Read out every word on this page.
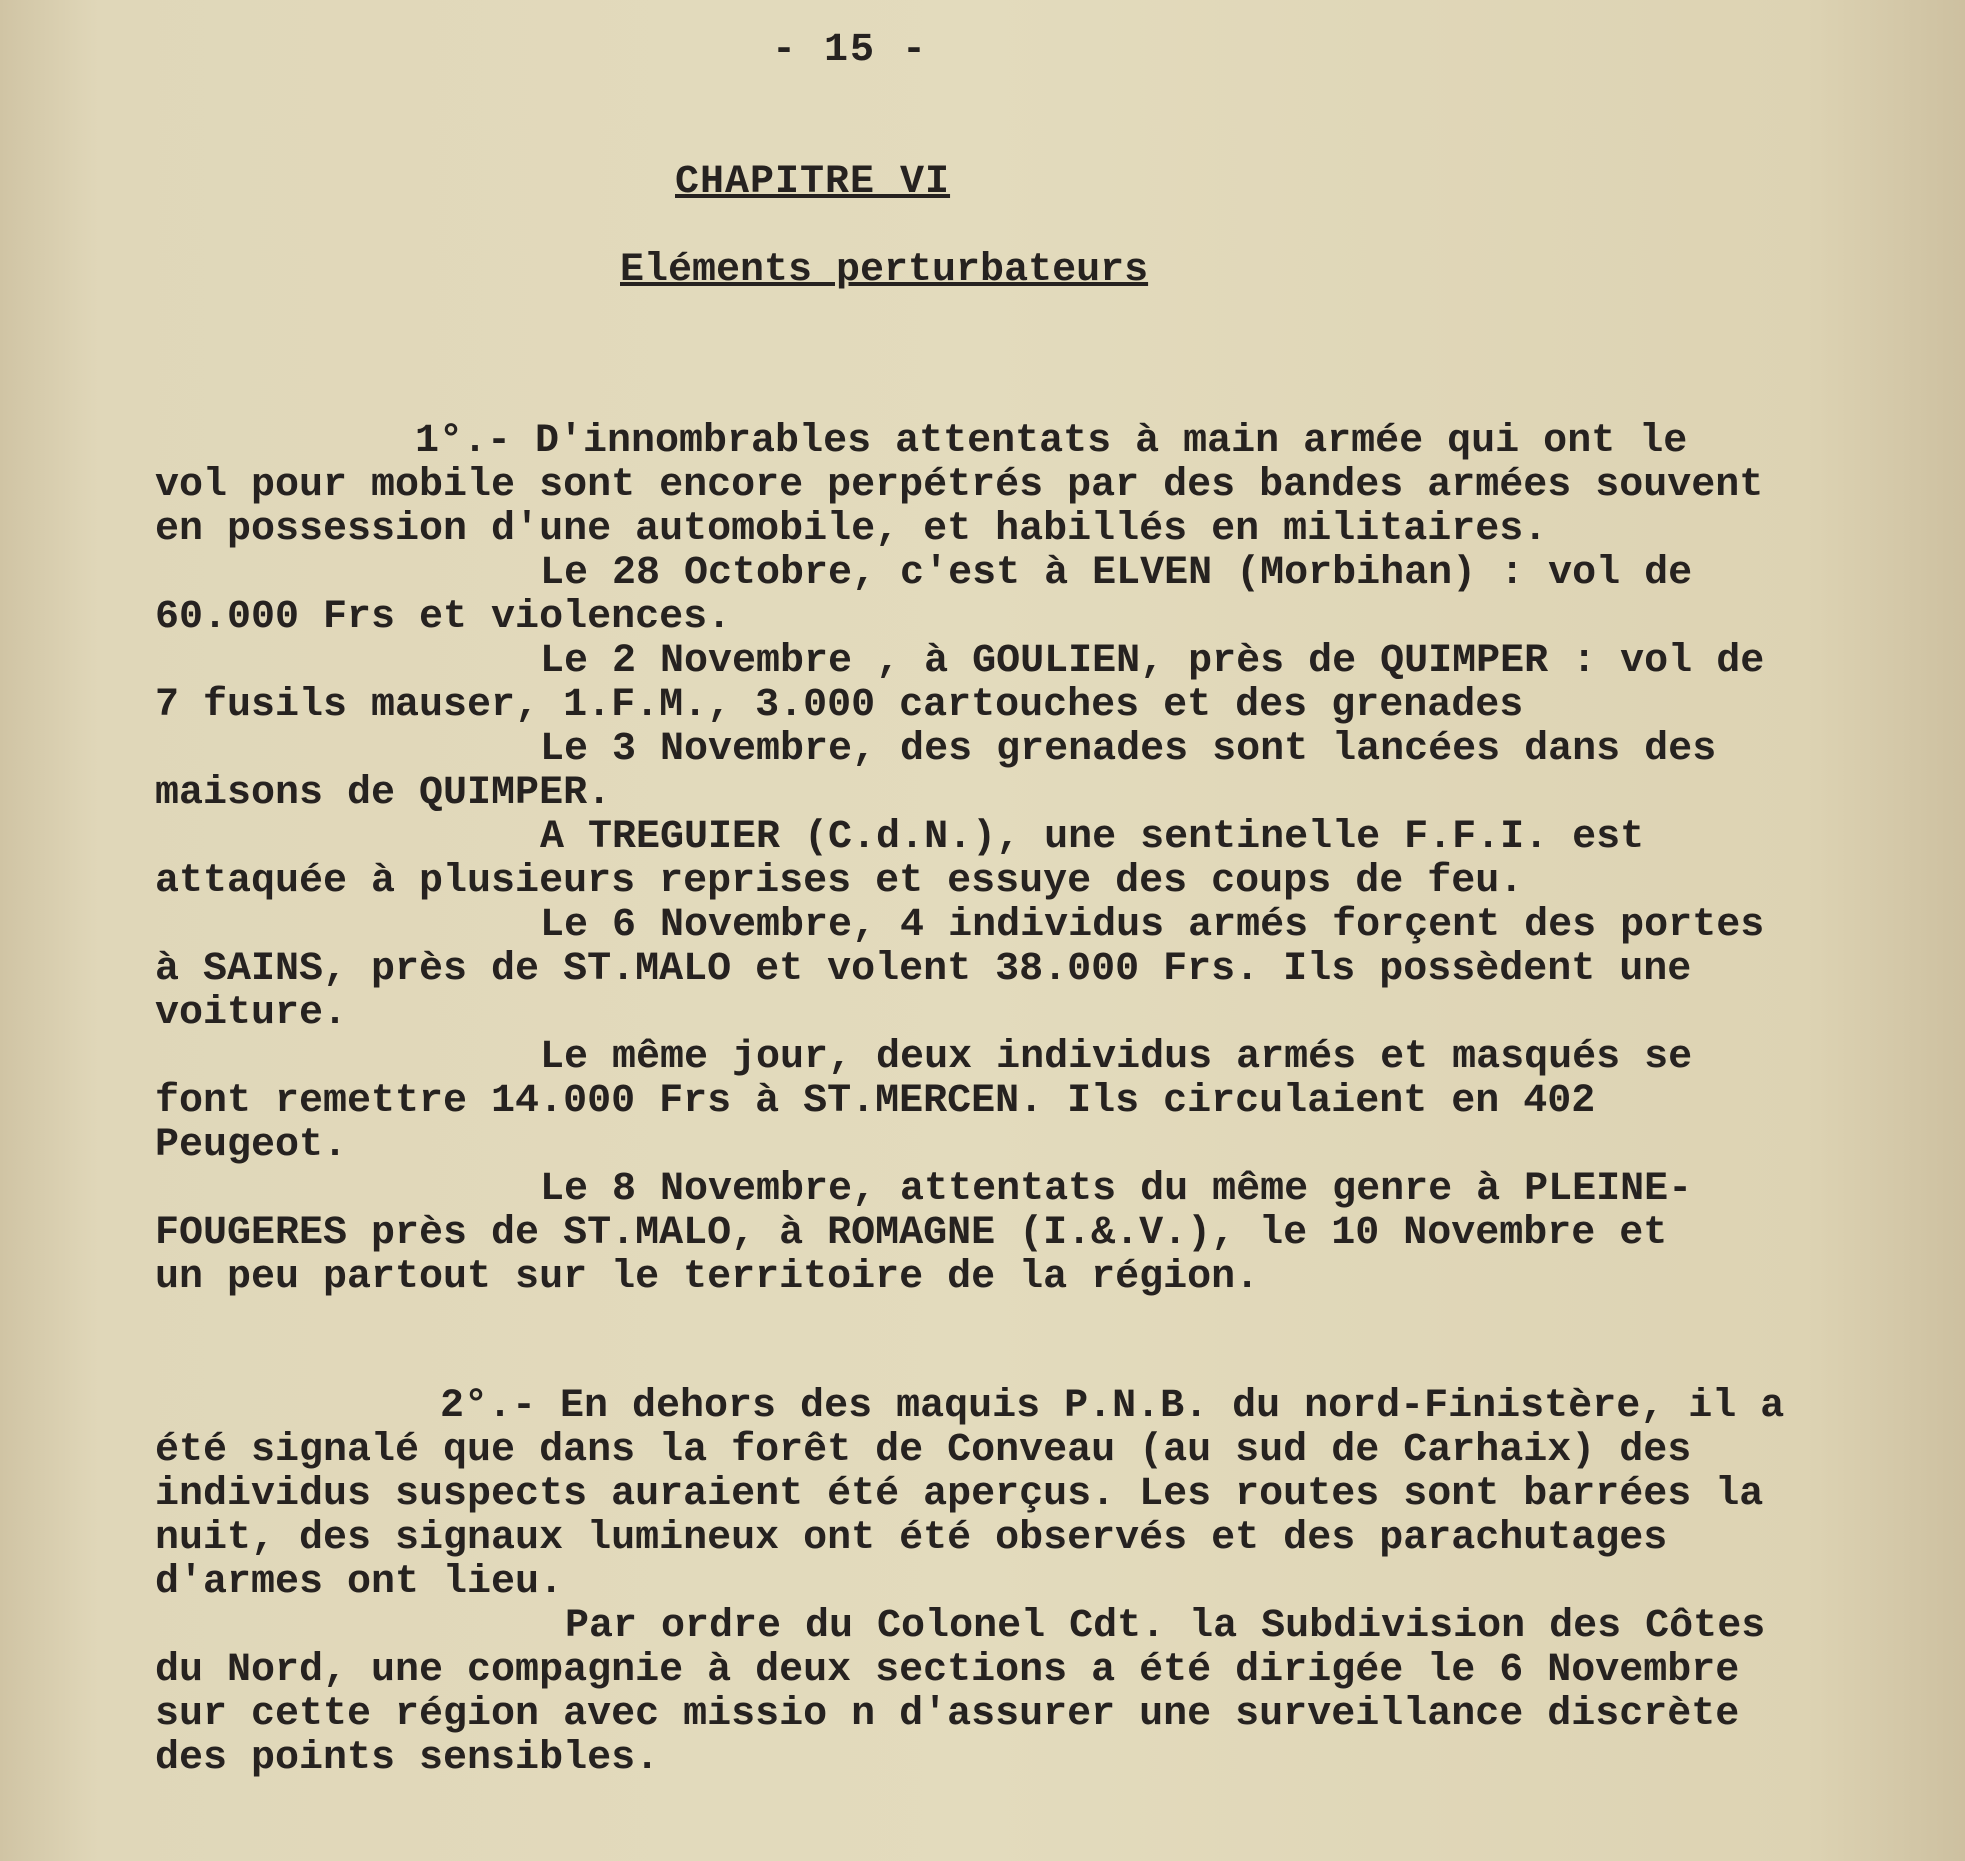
- 15 -
CHAPITRE VI
Eléments perturbateurs
1°.- D'innombrables attentats à main armée qui ont le
vol pour mobile sont encore perpétrés par des bandes armées souvent
en possession d'une automobile, et habillés en militaires.
Le 28 Octobre, c'est à ELVEN (Morbihan) : vol de
60.000 Frs et violences.
Le 2 Novembre , à GOULIEN, près de QUIMPER : vol de
7 fusils mauser, 1.F.M., 3.000 cartouches et des grenades
Le 3 Novembre, des grenades sont lancées dans des
maisons de QUIMPER.
A TREGUIER (C.d.N.), une sentinelle F.F.I. est
attaquée à plusieurs reprises et essuye des coups de feu.
Le 6 Novembre, 4 individus armés forçent des portes
à SAINS, près de ST.MALO et volent 38.000 Frs. Ils possèdent une
voiture.
Le même jour, deux individus armés et masqués se
font remettre 14.000 Frs à ST.MERCEN. Ils circulaient en 402
Peugeot.
Le 8 Novembre, attentats du même genre à PLEINE-
FOUGERES près de ST.MALO, à ROMAGNE (I.&.V.), le 10 Novembre et
un peu partout sur le territoire de la région.
2°.- En dehors des maquis P.N.B. du nord-Finistère, il a
été signalé que dans la forêt de Conveau (au sud de Carhaix) des
individus suspects auraient été aperçus. Les routes sont barrées la
nuit, des signaux lumineux ont été observés et des parachutages
d'armes ont lieu.
Par ordre du Colonel Cdt. la Subdivision des Côtes
du Nord, une compagnie à deux sections a été dirigée le 6 Novembre
sur cette région avec missio n d'assurer une surveillance discrète
des points sensibles.
